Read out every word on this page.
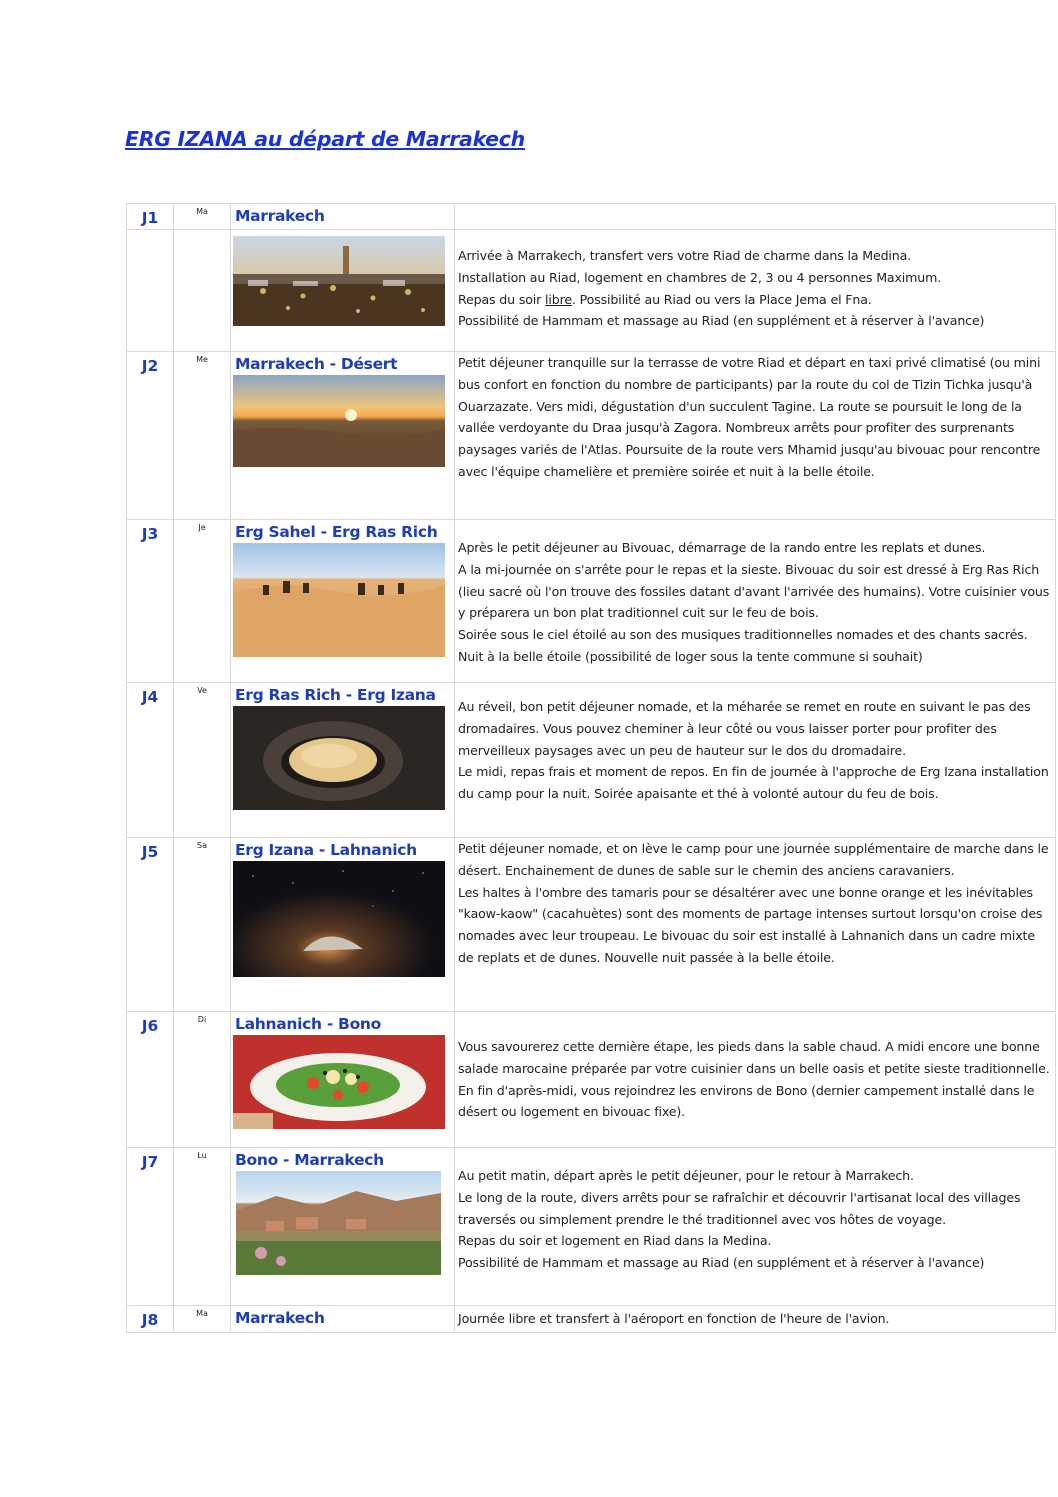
ERG IZANA au départ de Marrakech
J1	Ma	Marrakech	

Arrivée à Marrakech, transfert vers votre Riad de charme dans la Medina.

Installation au Riad, logement en chambres de 2, 3 ou 4 personnes Maximum.

Repas du soir libre. Possibilité au Riad ou vers la Place Jema el Fna.

Possibilité de Hammam et massage au Riad (en supplément et à réserver à l'avance)

J2	Me	Marrakech - Désert	Petit déjeuner tranquille sur la terrasse de votre Riad et départ en taxi privé climatisé (ou mini bus confort en fonction du nombre de participants) par la route du col de Tizin Tichka jusqu'à Ouarzazate. Vers midi, dégustation d'un succulent Tagine. La route se poursuit le long de la vallée verdoyante du Draa jusqu'à Zagora. Nombreux arrêts pour profiter des surprenants paysages variés de l'Atlas. Poursuite de la route vers Mhamid jusqu'au bivouac pour rencontre avec l'équipe chamelière et première soirée et nuit à la belle étoile.
J3	Je	Erg Sahel - Erg Ras Rich	Après le petit déjeuner au Bivouac, démarrage de la rando entre les replats et dunes.

A la mi-journée on s'arrête pour le repas et la sieste. Bivouac du soir est dressé à Erg Ras Rich (lieu sacré où l'on trouve des fossiles datant d'avant l'arrivée des humains). Votre cuisinier vous y préparera un bon plat traditionnel cuit sur le feu de bois.

Soirée sous le ciel étoilé au son des musiques traditionnelles nomades et des chants sacrés. Nuit à la belle étoile (possibilité de loger sous la tente commune si souhait)

J4	Ve	Erg Ras Rich - Erg Izana	Au réveil, bon petit déjeuner nomade, et la méharée se remet en route en suivant le pas des dromadaires. Vous pouvez cheminer à leur côté ou vous laisser porter pour profiter des merveilleux paysages avec un peu de hauteur sur le dos du dromadaire.

Le midi, repas frais et moment de repos. En fin de journée à l'approche de Erg Izana installation du camp pour la nuit. Soirée apaisante et thé à volonté autour du feu de bois.

J5	Sa	Erg Izana - Lahnanich	Petit déjeuner nomade, et on lève le camp pour une journée supplémentaire de marche dans le désert. Enchainement de dunes de sable sur le chemin des anciens caravaniers.

Les haltes à l'ombre des tamaris pour se désaltérer avec une bonne orange et les inévitables "kaow-kaow" (cacahuètes) sont des moments de partage intenses surtout lorsqu'on croise des nomades avec leur troupeau. Le bivouac du soir est installé à Lahnanich dans un cadre mixte de replats et de dunes. Nouvelle nuit passée à la belle étoile.

J6	Di	Lahnanich - Bono	Vous savourerez cette dernière étape, les pieds dans la sable chaud. A midi encore une bonne salade marocaine préparée par votre cuisinier dans un belle oasis et petite sieste traditionnelle. En fin d'après-midi, vous rejoindrez les environs de Bono (dernier campement installé dans le désert ou logement en bivouac fixe).
J7	Lu	Bono - Marrakech	Au petit matin, départ après le petit déjeuner, pour le retour à Marrakech.

Le long de la route, divers arrêts pour se rafraîchir et découvrir l'artisanat local des villages traversés ou simplement prendre le thé traditionnel avec vos hôtes de voyage.

Repas du soir et logement en Riad dans la Medina.

Possibilité de Hammam et massage au Riad (en supplément et à réserver à l'avance)

J8	Ma	Marrakech	Journée libre et transfert à l'aéroport en fonction de l'heure de l'avion.
